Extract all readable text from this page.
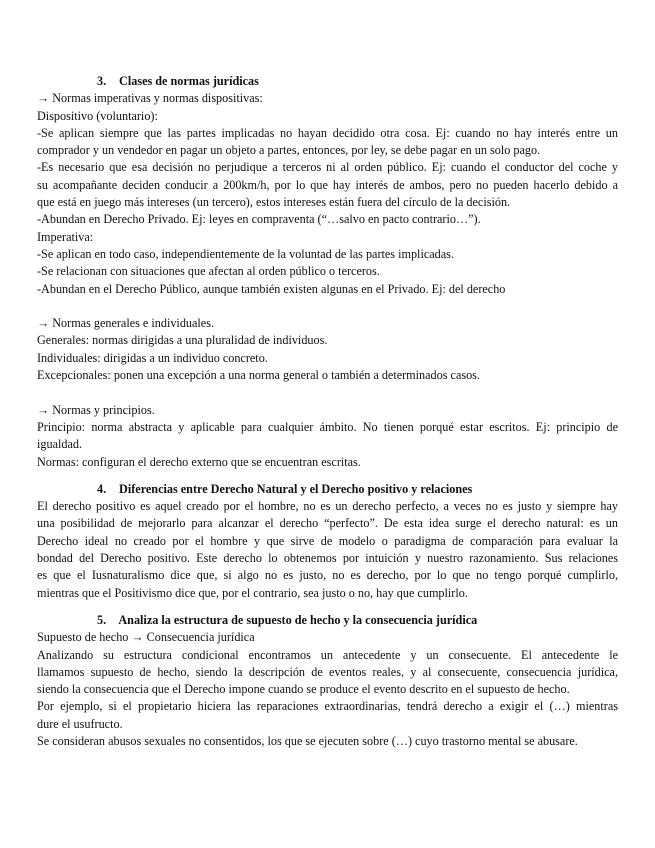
3. Clases de normas jurídicas
→ Normas imperativas y normas dispositivas:
Dispositivo (voluntario):
-Se aplican siempre que las partes implicadas no hayan decidido otra cosa. Ej: cuando no hay interés entre un
comprador y un vendedor en pagar un objeto a partes, entonces, por ley, se debe pagar en un solo pago.
-Es necesario que esa decisión no perjudique a terceros ni al orden público. Ej: cuando el conductor del coche y
su acompañante deciden conducir a 200km/h, por lo que hay interés de ambos, pero no pueden hacerlo debido a
que está en juego más intereses (un tercero), estos intereses están fuera del círculo de la decisión.
-Abundan en Derecho Privado. Ej: leyes en compraventa (“…salvo en pacto contrario…”).
Imperativa:
-Se aplican en todo caso, independientemente de la voluntad de las partes implicadas.
-Se relacionan con situaciones que afectan al orden público o terceros.
-Abundan en el Derecho Público, aunque también existen algunas en el Privado. Ej: del derecho
→ Normas generales e individuales.
Generales: normas dirigidas a una pluralidad de individuos.
Individuales: dirigidas a un individuo concreto.
Excepcionales: ponen una excepción a una norma general o también a determinados casos.
→ Normas y principios.
Principio: norma abstracta y aplicable para cualquier ámbito. No tienen porqué estar escritos. Ej: principio de
igualdad.
Normas: configuran el derecho externo que se encuentran escritas.
4. Diferencias entre Derecho Natural y el Derecho positivo y relaciones
El derecho positivo es aquel creado por el hombre, no es un derecho perfecto, a veces no es justo y siempre hay
una posibilidad de mejorarlo para alcanzar el derecho “perfecto”. De esta idea surge el derecho natural: es un
Derecho ideal no creado por el hombre y que sirve de modelo o paradigma de comparación para evaluar la
bondad del Derecho positivo. Este derecho lo obtenemos por intuición y nuestro razonamiento. Sus relaciones
es que el Iusnaturalismo dice que, si algo no es justo, no es derecho, por lo que no tengo porqué cumplirlo,
mientras que el Positivismo dice que, por el contrario, sea justo o no, hay que cumplirlo.
5. Analiza la estructura de supuesto de hecho y la consecuencia jurídica
Supuesto de hecho → Consecuencia jurídica
Analizando su estructura condicional encontramos un antecedente y un consecuente. El antecedente le
llamamos supuesto de hecho, siendo la descripción de eventos reales, y al consecuente, consecuencia jurídica,
siendo la consecuencia que el Derecho impone cuando se produce el evento descrito en el supuesto de hecho.
Por ejemplo, si el propietario hiciera las reparaciones extraordinarias, tendrá derecho a exigir el (…) mientras
dure el usufructo.
Se consideran abusos sexuales no consentidos, los que se ejecuten sobre (…) cuyo trastorno mental se abusare.
